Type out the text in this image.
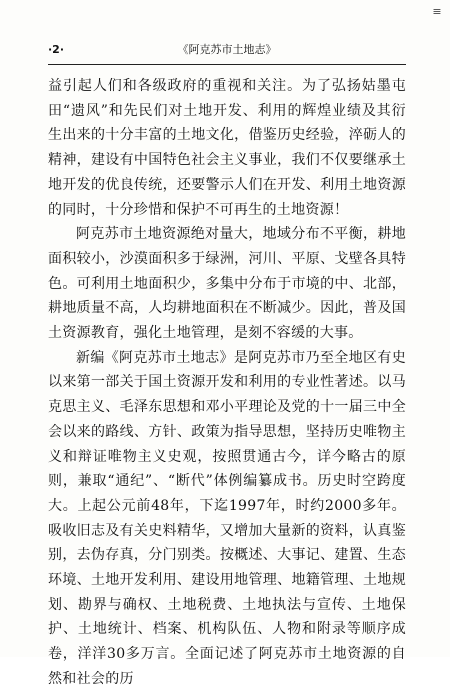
≡
·2·	《阿克苏市土地志》

益引起人们和各级政府的重视和关注。为了弘扬姑墨屯田“遗风”和先民们对土地开发、利用的辉煌业绩及其衍生出来的十分丰富的土地文化，借鉴历史经验，淬砺人的精神，建设有中国特色社会主义事业，我们不仅要继承土地开发的优良传统，还要警示人们在开发、利用土地资源的同时，十分珍惜和保护不可再生的土地资源！

阿克苏市土地资源绝对量大，地域分布不平衡，耕地面积较小，沙漠面积多于绿洲，河川、平原、戈壁各具特色。可利用土地面积少，多集中分布于市境的中、北部，耕地质量不高，人均耕地面积在不断减少。因此，普及国土资源教育，强化土地管理，是刻不容缓的大事。

新编《阿克苏市土地志》是阿克苏市乃至全地区有史以来第一部关于国土资源开发和利用的专业性著述。以马克思主义、毛泽东思想和邓小平理论及党的十一届三中全会以来的路线、方针、政策为指导思想，坚持历史唯物主义和辩证唯物主义史观，按照贯通古今，详今略古的原则，兼取“通纪”、“断代”体例编纂成书。历史时空跨度大。上起公元前48年，下迄1997年，时约2000多年。吸收旧志及有关史料精华，又增加大量新的资料，认真鉴别，去伪存真，分门别类。按概述、大事记、建置、生态环境、土地开发利用、建设用地管理、地籍管理、土地规划、勘界与确权、土地税费、土地执法与宣传、土地保护、土地统计、档案、机构队伍、人物和附录等顺序成卷，洋洋30多万言。全面记述了阿克苏市土地资源的自然和社会的历
